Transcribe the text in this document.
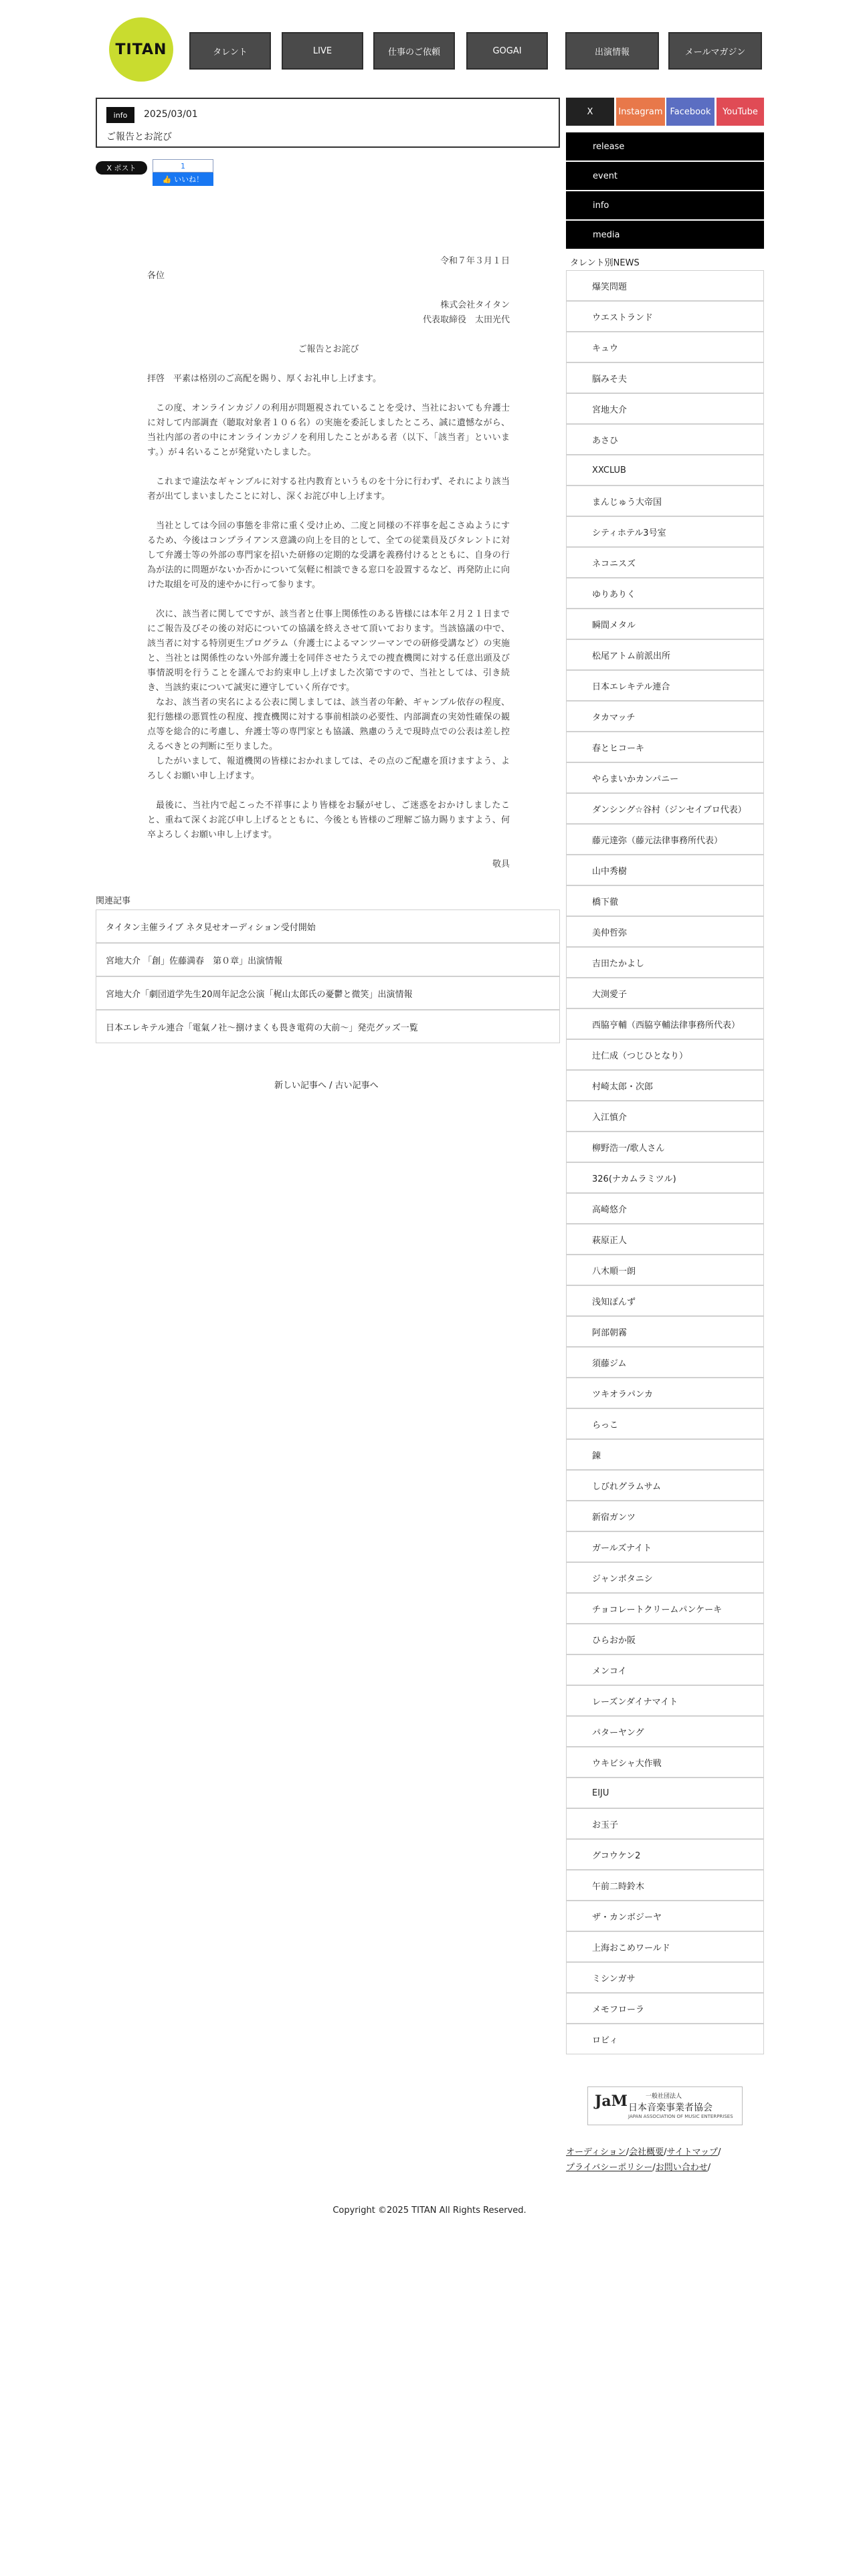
TITAN	タレント	LIVE	仕事のご依頼	GOGAI	出演情報	メールマガジン
info	2025/03/01
ご報告とお詫び
X ポスト	1
👍 いいね！

令和７年３月１日

各位

株式会社タイタン

代表取締役　太田光代

ご報告とお詫び

拝啓　平素は格別のご高配を賜り、厚くお礼申し上げます。

この度、オンラインカジノの利用が問題視されていることを受け、当社においても弁護士に対して内部調査（聴取対象者１０６名）の実施を委託しましたところ、誠に遺憾ながら、当社内部の者の中にオンラインカジノを利用したことがある者（以下、「該当者」といいます。）が４名いることが発覚いたしました。

これまで違法なギャンブルに対する社内教育というものを十分に行わず、それにより該当者が出てしまいましたことに対し、深くお詫び申し上げます。

当社としては今回の事態を非常に重く受け止め、二度と同様の不祥事を起こさぬようにするため、今後はコンプライアンス意識の向上を目的として、全ての従業員及びタレントに対して弁護士等の外部の専門家を招いた研修の定期的な受講を義務付けるとともに、自身の行為が法的に問題がないか否かについて気軽に相談できる窓口を設置するなど、再発防止に向けた取組を可及的速やかに行って参ります。

次に、該当者に関してですが、該当者と仕事上関係性のある皆様には本年２月２１日までにご報告及びその後の対応についての協議を終えさせて頂いております。当該協議の中で、該当者に対する特別更生プログラム（弁護士によるマンツーマンでの研修受講など）の実施と、当社とは関係性のない外部弁護士を同伴させたうえでの捜査機関に対する任意出頭及び事情説明を行うことを謹んでお約束申し上げました次第ですので、当社としては、引き続き、当該約束について誠実に遵守していく所存です。

なお、該当者の実名による公表に関しましては、該当者の年齢、ギャンブル依存の程度、犯行態様の悪質性の程度、捜査機関に対する事前相談の必要性、内部調査の実効性確保の観点等を総合的に考慮し、弁護士等の専門家とも協議、熟慮のうえで現時点での公表は差し控えるべきとの判断に至りました。

したがいまして、報道機関の皆様におかれましては、その点のご配慮を頂けますよう、よろしくお願い申し上げます。

最後に、当社内で起こった不祥事により皆様をお騒がせし、ご迷惑をおかけしましたこと、重ねて深くお詫び申し上げるとともに、今後とも皆様のご理解ご協力賜りますよう、何卒よろしくお願い申し上げます。

敬具

関連記事
タイタン主催ライブ ネタ見せオーディション受付開始
宮地大介 「創」佐藤満春　第０章」出演情報
宮地大介「劇団道学先生20周年記念公演「梶山太郎氏の憂鬱と微笑」出演情報
日本エレキテル連合「電氣ノ社〜捌けまくも畏き電荷の大前〜」発売グッズ一覧
新しい記事へ / 古い記事へ
X	Instagram Facebook	YouTube
release
event
info
media
タレント別NEWS
爆笑問題
ウエストランド
キュウ
脳みそ夫
宮地大介
あさひ
XXCLUB
まんじゅう大帝国
シティホテル3号室
ネコニスズ
ゆりありく
瞬間メタル
松尾アトム前派出所
日本エレキテル連合
タカマッチ
春とヒコーキ
やらまいかカンパニー
ダンシング☆谷村（ジンセイブロ代表）
藤元達弥（藤元法律事務所代表）
山中秀樹
橋下徹
美仲哲弥
吉田たかよし
大渕愛子
西脇亨輔（西脇亨輔法律事務所代表）
辻仁成（つじひとなり）
村崎太郎・次郎
入江慎介
柳野浩一/歌人さん
326(ナカムラミツル)
高崎悠介
萩原正人
八木順一朗
浅知ぽんず
阿部朝霧
須藤ジム
ツキオラパンカ
らっこ
錬
しびれグラムサム
新宿ガンツ
ガールズナイト
ジャンボタニシ
チョコレートクリームパンケーキ
ひらおか阪
メンコイ
レーズンダイナマイト
パターヤング
ウキビシャ大作戦
EIJU
お玉子
グコウケン2
午前二時鈴木
ザ・カンボジーヤ
上海おこめワールド
ミシンガサ
メモフローラ
ロビィ
JaM	一般社団法人
日本音楽事業者協会
JAPAN ASSOCIATION OF MUSIC ENTERPRISES
オーディション/会社概要/サイトマップ/
プライバシーポリシー/お問い合わせ/
Copyright ©2025 TITAN All Rights Reserved.
